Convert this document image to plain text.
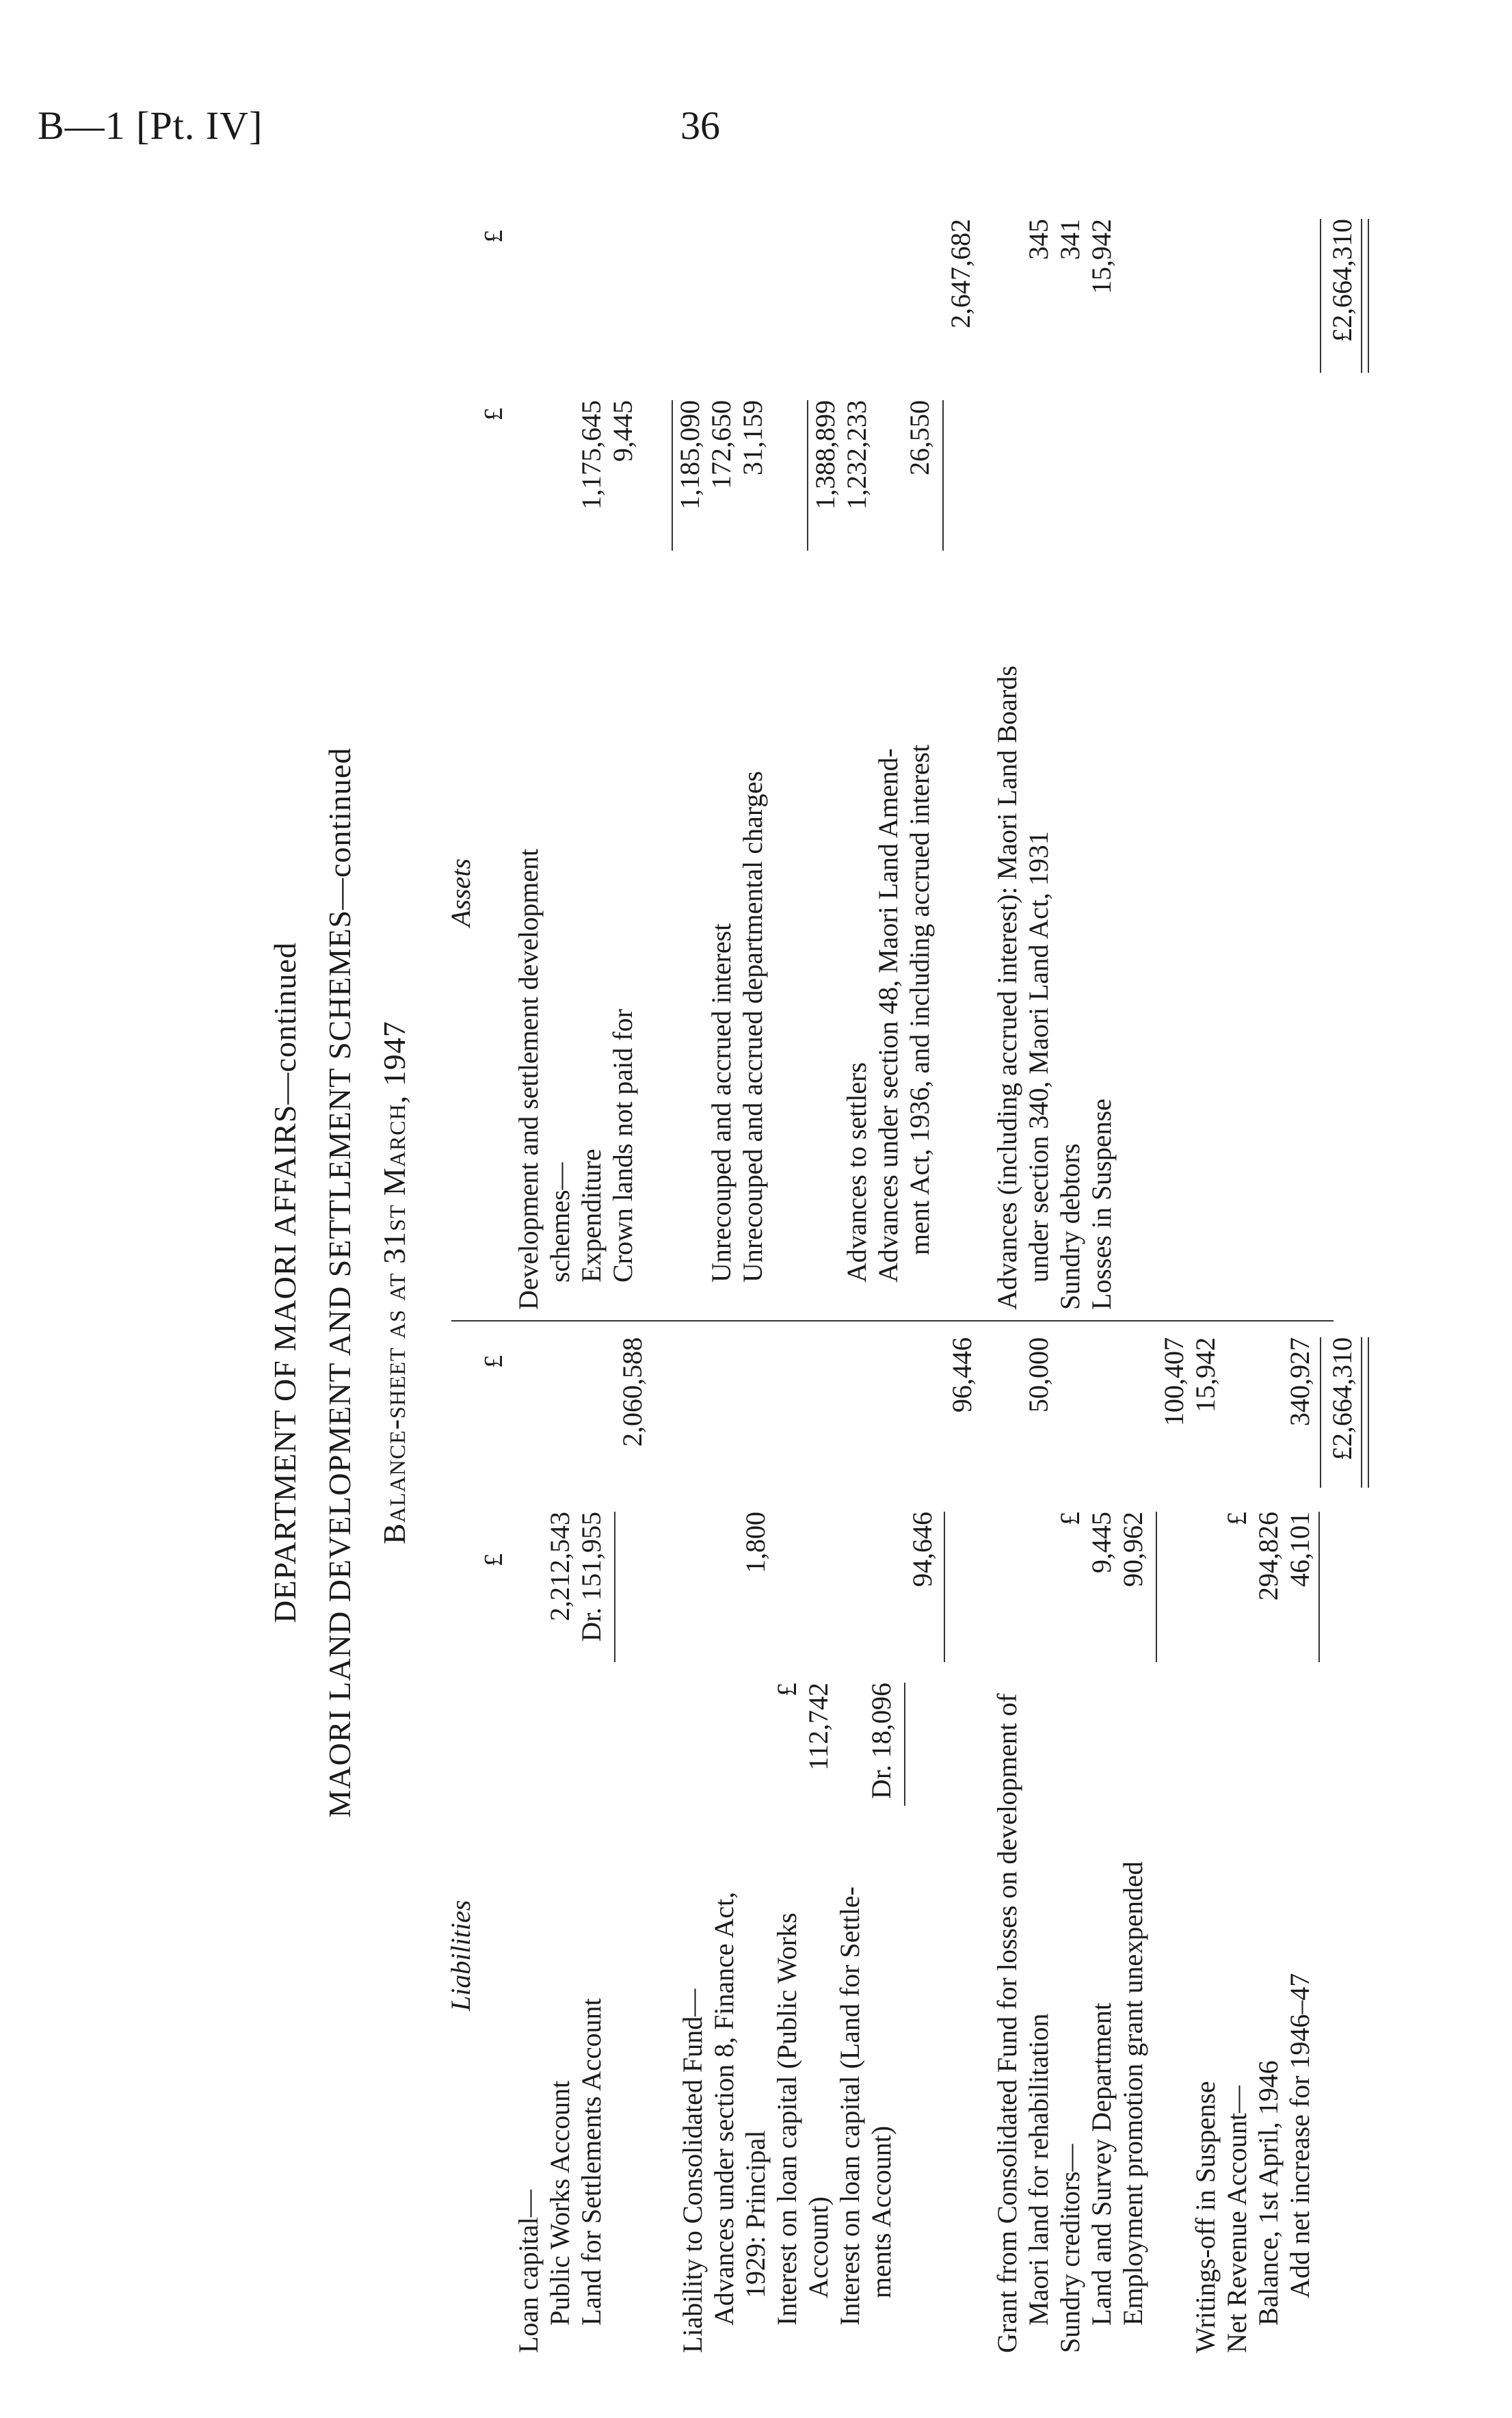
B—1 [Pt. IV]	36
DEPARTMENT OF MAORI AFFAIRS—continued MAORI LAND DEVELOPMENT AND SETTLEMENT SCHEMES—continued Balance-sheet as at 31st March, 1947
Liabilities
£
£
Loan capital— Public Works Account
2,212,543
Land for Settlements Account
Dr. 151,955
2,060,588
Liability to Consolidated Fund— Advances under section 8, Finance Act, 1929: Principal
1,800
Interest on loan capital (Public Works
£
Account)
112,742
Interest on loan capital (Land for Settle- ments Account)
Dr. 18,096
94,646
96,446
Grant from Consolidated Fund for losses on development of Maori land for rehabilitation
50,000
Sundry creditors—
£
Land and Survey Department
9,445
Employment promotion grant unexpended
90,962
100,407
Writings-off in Suspense
15,942
Net Revenue Account—
£
Balance, 1st April, 1946
294,826
Add net increase for 1946–47
46,101
340,927 £2,664,310
Assets
£
£
Development and settlement development schemes— Expenditure
1,175,645
Crown lands not paid for
9,445 1,185,090
Unrecouped and accrued interest
172,650
Unrecouped and accrued departmental charges
31,159 1,388,899
Advances to settlers
1,232,233
Advances under section 48, Maori Land Amend- ment Act, 1936, and including accrued interest
26,550
2,647,682
Advances (including accrued interest): Maori Land Boards under section 340, Maori Land Act, 1931
345
Sundry debtors
341
Losses in Suspense
15,942	£2,664,310
